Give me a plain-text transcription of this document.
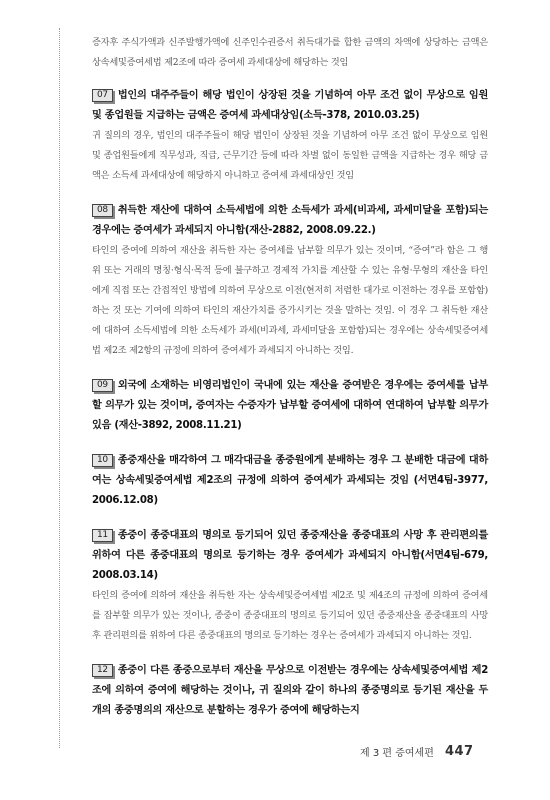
증자후 주식가액과 신주발행가액에 신주인수권증서 취득대가를 합한 금액의 차액에 상당하는 금액은 상속세및증여세법 제2조에 따라 증여세 과세대상에 해당하는 것임

07 법인의 대주주들이 해당 법인이 상장된 것을 기념하여 아무 조건 없이 무상으로 임원 및 종업원들 지급하는 금액은 증여세 과세대상임(소득-378, 2010.03.25)

귀 질의의 경우, 법인의 대주주들이 해당 법인이 상장된 것을 기념하여 아무 조건 없이 무상으로 임원 및 종업원들에게 직무성과, 직급, 근무기간 등에 따라 차별 없이 동일한 금액을 지급하는 경우 해당 금액은 소득세 과세대상에 해당하지 아니하고 증여세 과세대상인 것임

08 취득한 재산에 대하여 소득세법에 의한 소득세가 과세(비과세, 과세미달을 포함)되는 경우에는 증여세가 과세되지 아니함(재산-2882, 2008.09.22.)

타인의 증여에 의하여 재산을 취득한 자는 증여세를 납부할 의무가 있는 것이며, “증여”라 함은 그 행위 또는 거래의 명칭·형식·목적 등에 불구하고 경제적 가치를 계산할 수 있는 유형·무형의 재산을 타인에게 직접 또는 간접적인 방법에 의하여 무상으로 이전(현저히 저렴한 대가로 이전하는 경우를 포함함)하는 것 또는 기여에 의하여 타인의 재산가치를 증가시키는 것을 말하는 것임. 이 경우 그 취득한 재산에 대하여 소득세법에 의한 소득세가 과세(비과세, 과세미달을 포함함)되는 경우에는 상속세및증여세법 제2조 제2항의 규정에 의하여 증여세가 과세되지 아니하는 것임.

09 외국에 소재하는 비영리법인이 국내에 있는 재산을 증여받은 경우에는 증여세를 납부할 의무가 있는 것이며, 증여자는 수증자가 납부할 증여세에 대하여 연대하여 납부할 의무가 있음 (재산-3892, 2008.11.21)

10 종중재산을 매각하여 그 매각대금을 종중원에게 분배하는 경우 그 분배한 대금에 대하여는 상속세및증여세법 제2조의 규정에 의하여 증여세가 과세되는 것임 (서면4팀-3977, 2006.12.08)

11 종중이 종중대표의 명의로 등기되어 있던 종중재산을 종중대표의 사망 후 관리편의를 위하여 다른 종중대표의 명의로 등기하는 경우 증여세가 과세되지 아니함(서면4팀-679, 2008.03.14)

타인의 증여에 의하여 재산을 취득한 자는 상속세및증여세법 제2조 및 제4조의 규정에 의하여 증여세를 잡부할 의무가 있는 것이나, 종중이 종중대표의 명의로 등기되어 있던 종중재산을 종중대표의 사망 후 관리편의를 위하여 다른 종중대표의 명의로 등기하는 경우는 증여세가 과세되지 아니하는 것임.

12 종중이 다른 종중으로부터 재산을 무상으로 이전받는 경우에는 상속세및증여세법 제2조에 의하여 증여에 해당하는 것이나, 귀 질의와 같이 하나의 종중명의로 등기된 재산을 두 개의 종중명의의 재산으로 분할하는 경우가 증여에 해당하는지

제 3 편 증여세편 447
